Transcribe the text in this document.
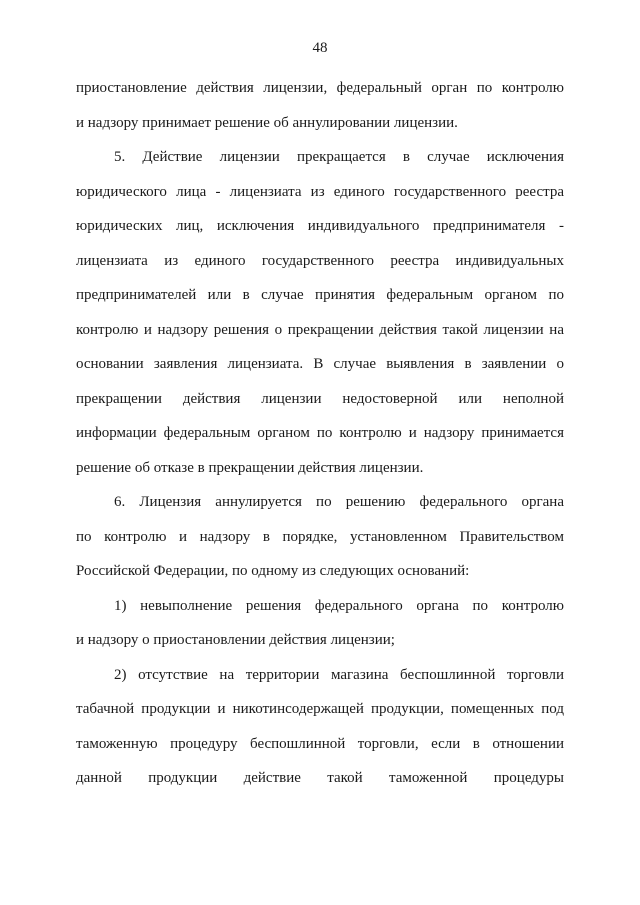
48
приостановление действия лицензии, федеральный орган по контролю
и надзору принимает решение об аннулировании лицензии.
5. Действие лицензии прекращается в случае исключения
юридического лица - лицензиата из единого государственного реестра
юридических лиц, исключения индивидуального предпринимателя -
лицензиата из единого государственного реестра индивидуальных
предпринимателей или в случае принятия федеральным органом по
контролю и надзору решения о прекращении действия такой лицензии на
основании заявления лицензиата. В случае выявления в заявлении о
прекращении действия лицензии недостоверной или неполной
информации федеральным органом по контролю и надзору принимается
решение об отказе в прекращении действия лицензии.
6. Лицензия аннулируется по решению федерального органа
по контролю и надзору в порядке, установленном Правительством
Российской Федерации, по одному из следующих оснований:
1) невыполнение решения федерального органа по контролю
и надзору о приостановлении действия лицензии;
2) отсутствие на территории магазина беспошлинной торговли
табачной продукции и никотинсодержащей продукции, помещенных под
таможенную процедуру беспошлинной торговли, если в отношении
данной продукции действие такой таможенной процедуры
